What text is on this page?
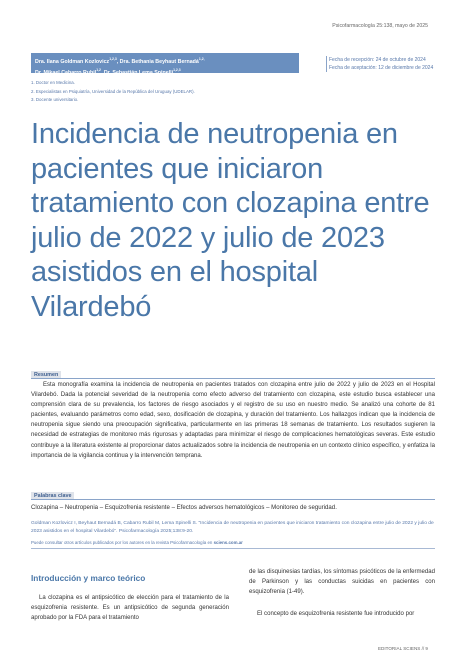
Psicofarmacología 25:138, mayo de 2025
Dra. Ilana Goldman Kozlovicz$^{1,2,3}$, Dra. Bethania Beyhaut Bernadá$^{1,2,}$
Dr. Mikael Cabarro Rubil$^{1,2}$, Dr. Sebastián Lema Spinelli$^{1,2,3}$
Fecha de recepción: 24 de octubre de 2024
Fecha de aceptación: 12 de diciembre de 2024
1. Doctor en Medicina.
2. Especialistas en Psiquiatría, Universidad de la República del Uruguay (UDELAR).
3. Docente universitario.
Incidencia de neutropenia en pacientes que iniciaron tratamiento con clozapina entre julio de 2022 y julio de 2023 asistidos en el hospital Vilardebó
Resumen

Esta monografía examina la incidencia de neutropenia en pacientes tratados con clozapina entre julio de 2022 y julio de 2023 en el Hospital Vilardebó. Dada la potencial severidad de la neutropenia como efecto adverso del tratamiento con clozapina, este estudio busca establecer una comprensión clara de su prevalencia, los factores de riesgo asociados y el registro de su uso en nuestro medio. Se analizó una cohorte de 81 pacientes, evaluando parámetros como edad, sexo, dosificación de clozapina, y duración del tratamiento. Los hallazgos indican que la incidencia de neutropenia sigue siendo una preocupación significativa, particularmente en las primeras 18 semanas de tratamiento. Los resultados sugieren la necesidad de estrategias de monitoreo más rigurosas y adaptadas para minimizar el riesgo de complicaciones hematológicas severas. Este estudio contribuye a la literatura existente al proporcionar datos actualizados sobre la incidencia de neutropenia en un contexto clínico específico, y enfatiza la importancia de la vigilancia continua y la intervención temprana.

Palabras clave
Clozapina – Neutropenia – Esquizofrenia resistente – Efectos adversos hematológicos – Monitoreo de seguridad.

Goldman Kozlovicz I, Beyhaut Bernadá B, Cabarro Rubil M, Lema Spinelli S. "Incidencia de neutropenia en pacientes que iniciaron tratamiento con clozapina entre julio de 2022 y julio de 2023 asistidos en el hospital Vilardebó". Psicofarmacología 2025;138:9-20.

Puede consultar otros artículos publicados por los autores en la revista Psicofarmacología en sciens.com.ar
Introducción y marco teórico

La clozapina es el antipsicótico de elección para el tratamiento de la esquizofrenia resistente. Es un antipsicótico de segunda generación aprobado por la FDA para el tratamiento

de las disquinesias tardías, los síntomas psicóticos de la enfermedad de Parkinson y las conductas suicidas en pacientes con esquizofrenia (1-49).

El concepto de esquizofrenia resistente fue introducido por

EDITORIAL SCIENS // 9
